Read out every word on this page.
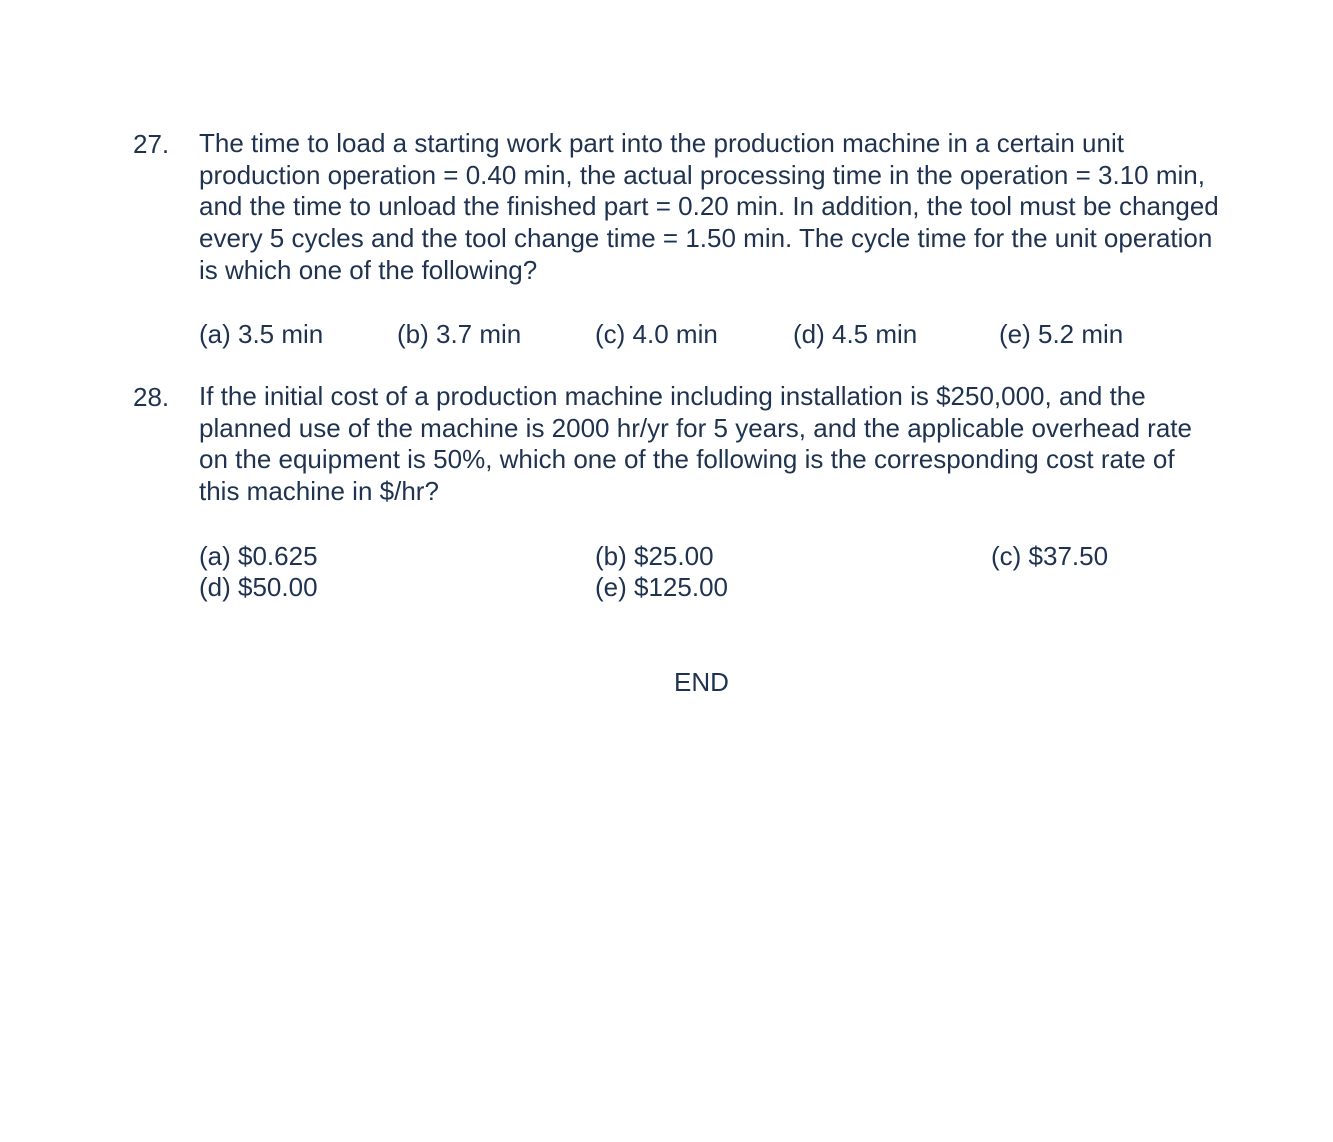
27. The time to load a starting work part into the production machine in a certain unit production operation = 0.40 min, the actual processing time in the operation = 3.10 min, and the time to unload the finished part = 0.20 min. In addition, the tool must be changed every 5 cycles and the tool change time = 1.50 min. The cycle time for the unit operation is which one of the following?
(a) 3.5 min	(b) 3.7 min	(c) 4.0 min	(d) 4.5 min	(e) 5.2 min
28. If the initial cost of a production machine including installation is $250,000, and the planned use of the machine is 2000 hr/yr for 5 years, and the applicable overhead rate on the equipment is 50%, which one of the following is the corresponding cost rate of this machine in $/hr?
(a) $0.625	(b) $25.00	(c) $37.50
(d) $50.00	(e) $125.00
END
